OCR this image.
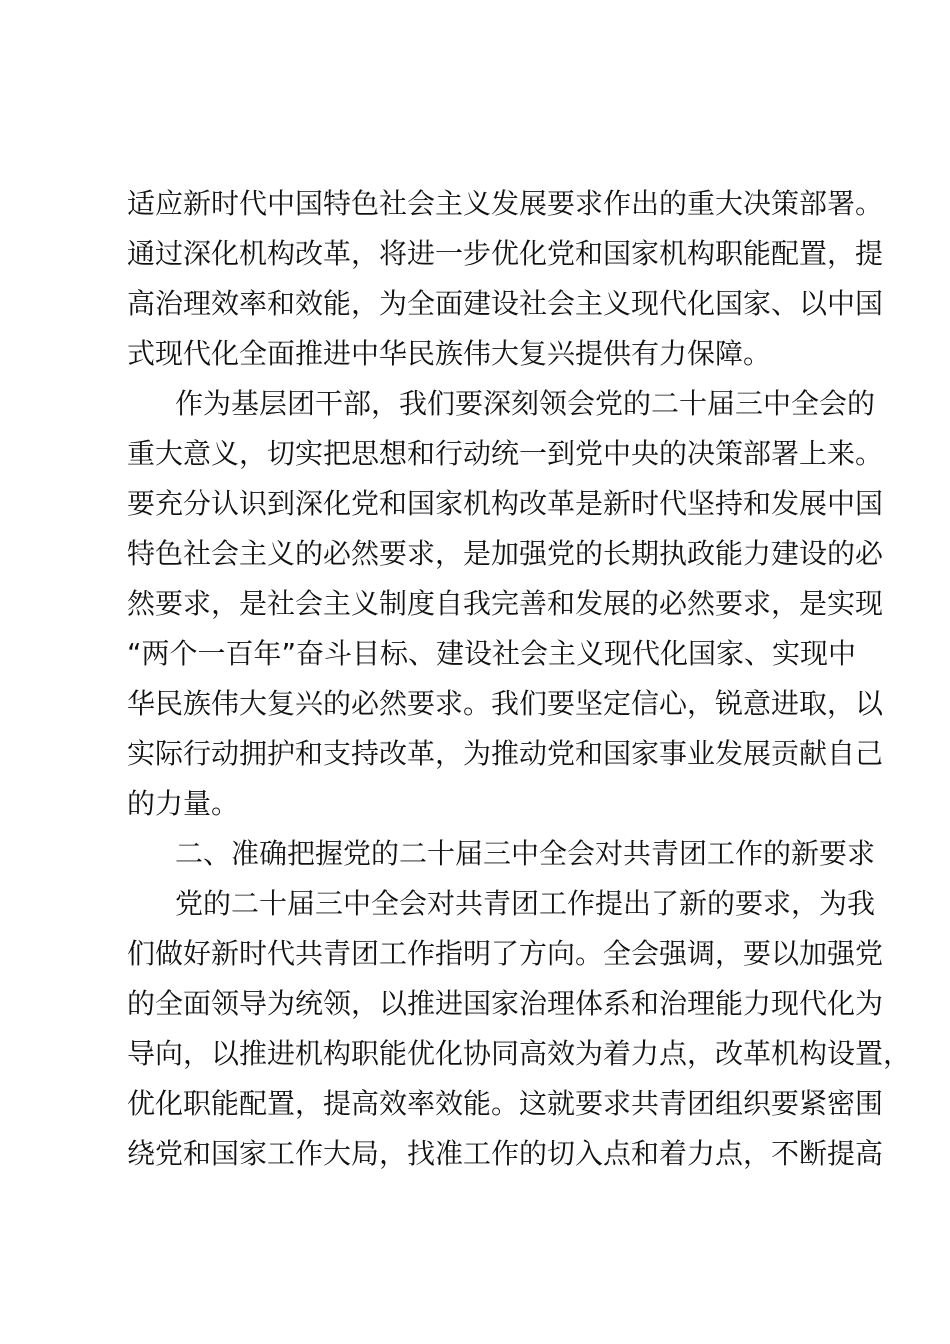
适应新时代中国特色社会主义发展要求作出的重大决策部署。
通过深化机构改革，将进一步优化党和国家机构职能配置，提
高治理效率和效能，为全面建设社会主义现代化国家、以中国
式现代化全面推进中华民族伟大复兴提供有力保障。
作为基层团干部，我们要深刻领会党的二十届三中全会的
重大意义，切实把思想和行动统一到党中央的决策部署上来。
要充分认识到深化党和国家机构改革是新时代坚持和发展中国
特色社会主义的必然要求，是加强党的长期执政能力建设的必
然要求，是社会主义制度自我完善和发展的必然要求，是实现
“两个一百年”奋斗目标、建设社会主义现代化国家、实现中
华民族伟大复兴的必然要求。我们要坚定信心，锐意进取，以
实际行动拥护和支持改革，为推动党和国家事业发展贡献自己
的力量。
二、准确把握党的二十届三中全会对共青团工作的新要求
党的二十届三中全会对共青团工作提出了新的要求，为我
们做好新时代共青团工作指明了方向。全会强调，要以加强党
的全面领导为统领，以推进国家治理体系和治理能力现代化为
导向，以推进机构职能优化协同高效为着力点，改革机构设置，
优化职能配置，提高效率效能。这就要求共青团组织要紧密围
绕党和国家工作大局，找准工作的切入点和着力点，不断提高
